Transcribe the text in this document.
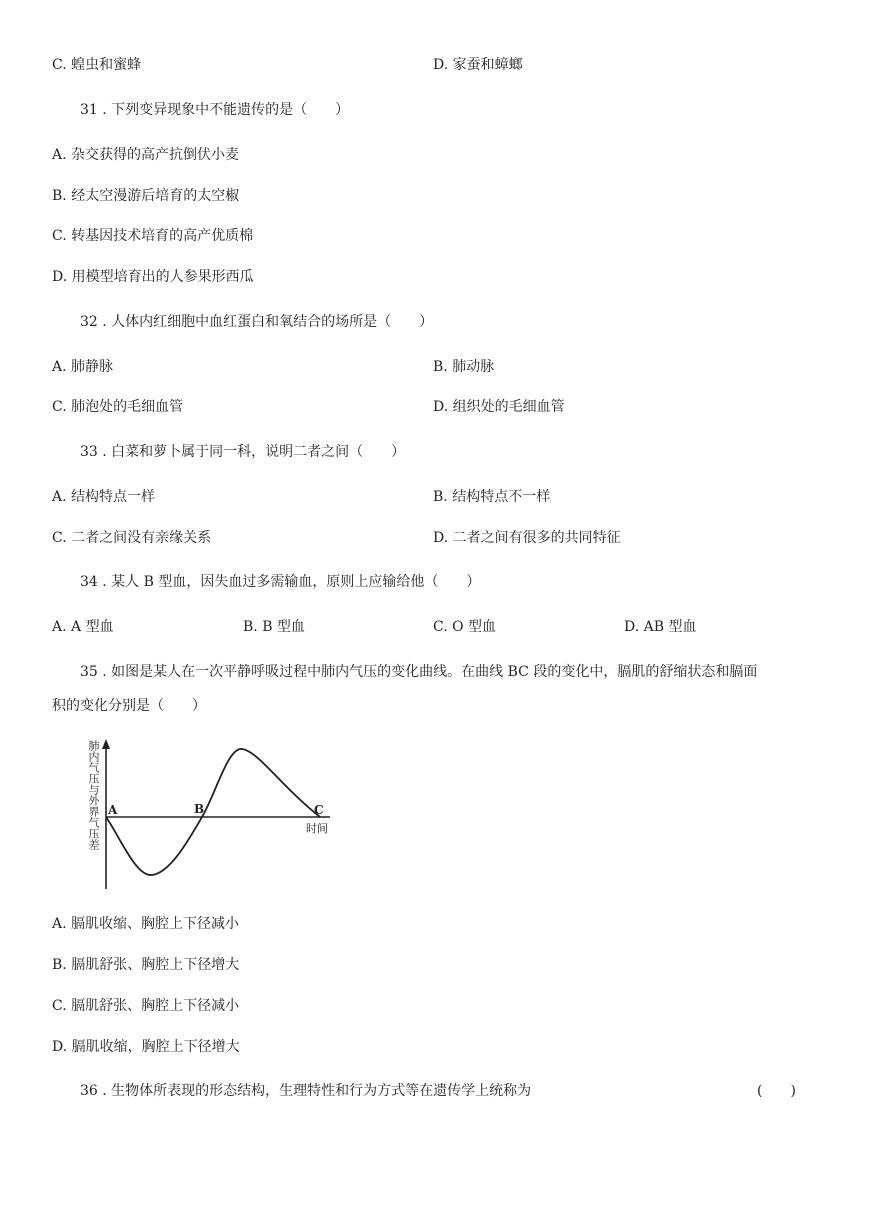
C. 蝗虫和蜜蜂	D. 家蚕和蟑螂
31 . 下列变异现象中不能遗传的是（　　）
A. 杂交获得的高产抗倒伏小麦
B. 经太空漫游后培育的太空椒
C. 转基因技术培育的高产优质棉
D. 用模型培育出的人参果形西瓜
32 . 人体内红细胞中血红蛋白和氧结合的场所是（　　）
A. 肺静脉	B. 肺动脉
C. 肺泡处的毛细血管	D. 组织处的毛细血管
33 . 白菜和萝卜属于同一科，说明二者之间（　　）
A. 结构特点一样	B. 结构特点不一样
C. 二者之间没有亲缘关系	D. 二者之间有很多的共同特征
34 . 某人 B 型血，因失血过多需输血，原则上应输给他（　　）
A. A 型血	B. B 型血	C. O 型血	D. AB 型血
35 . 如图是某人在一次平静呼吸过程中肺内气压的变化曲线。在曲线 BC 段的变化中，膈肌的舒缩状态和膈面
积的变化分别是（　　）
A	B	C
时间
肺内气压与外界气压差
A. 膈肌收缩、胸腔上下径减小
B. 膈肌舒张、胸腔上下径增大
C. 膈肌舒张、胸腔上下径减小
D. 膈肌收缩，胸腔上下径增大
36 . 生物体所表现的形态结构，生理特性和行为方式等在遗传学上统称为	(　　)
